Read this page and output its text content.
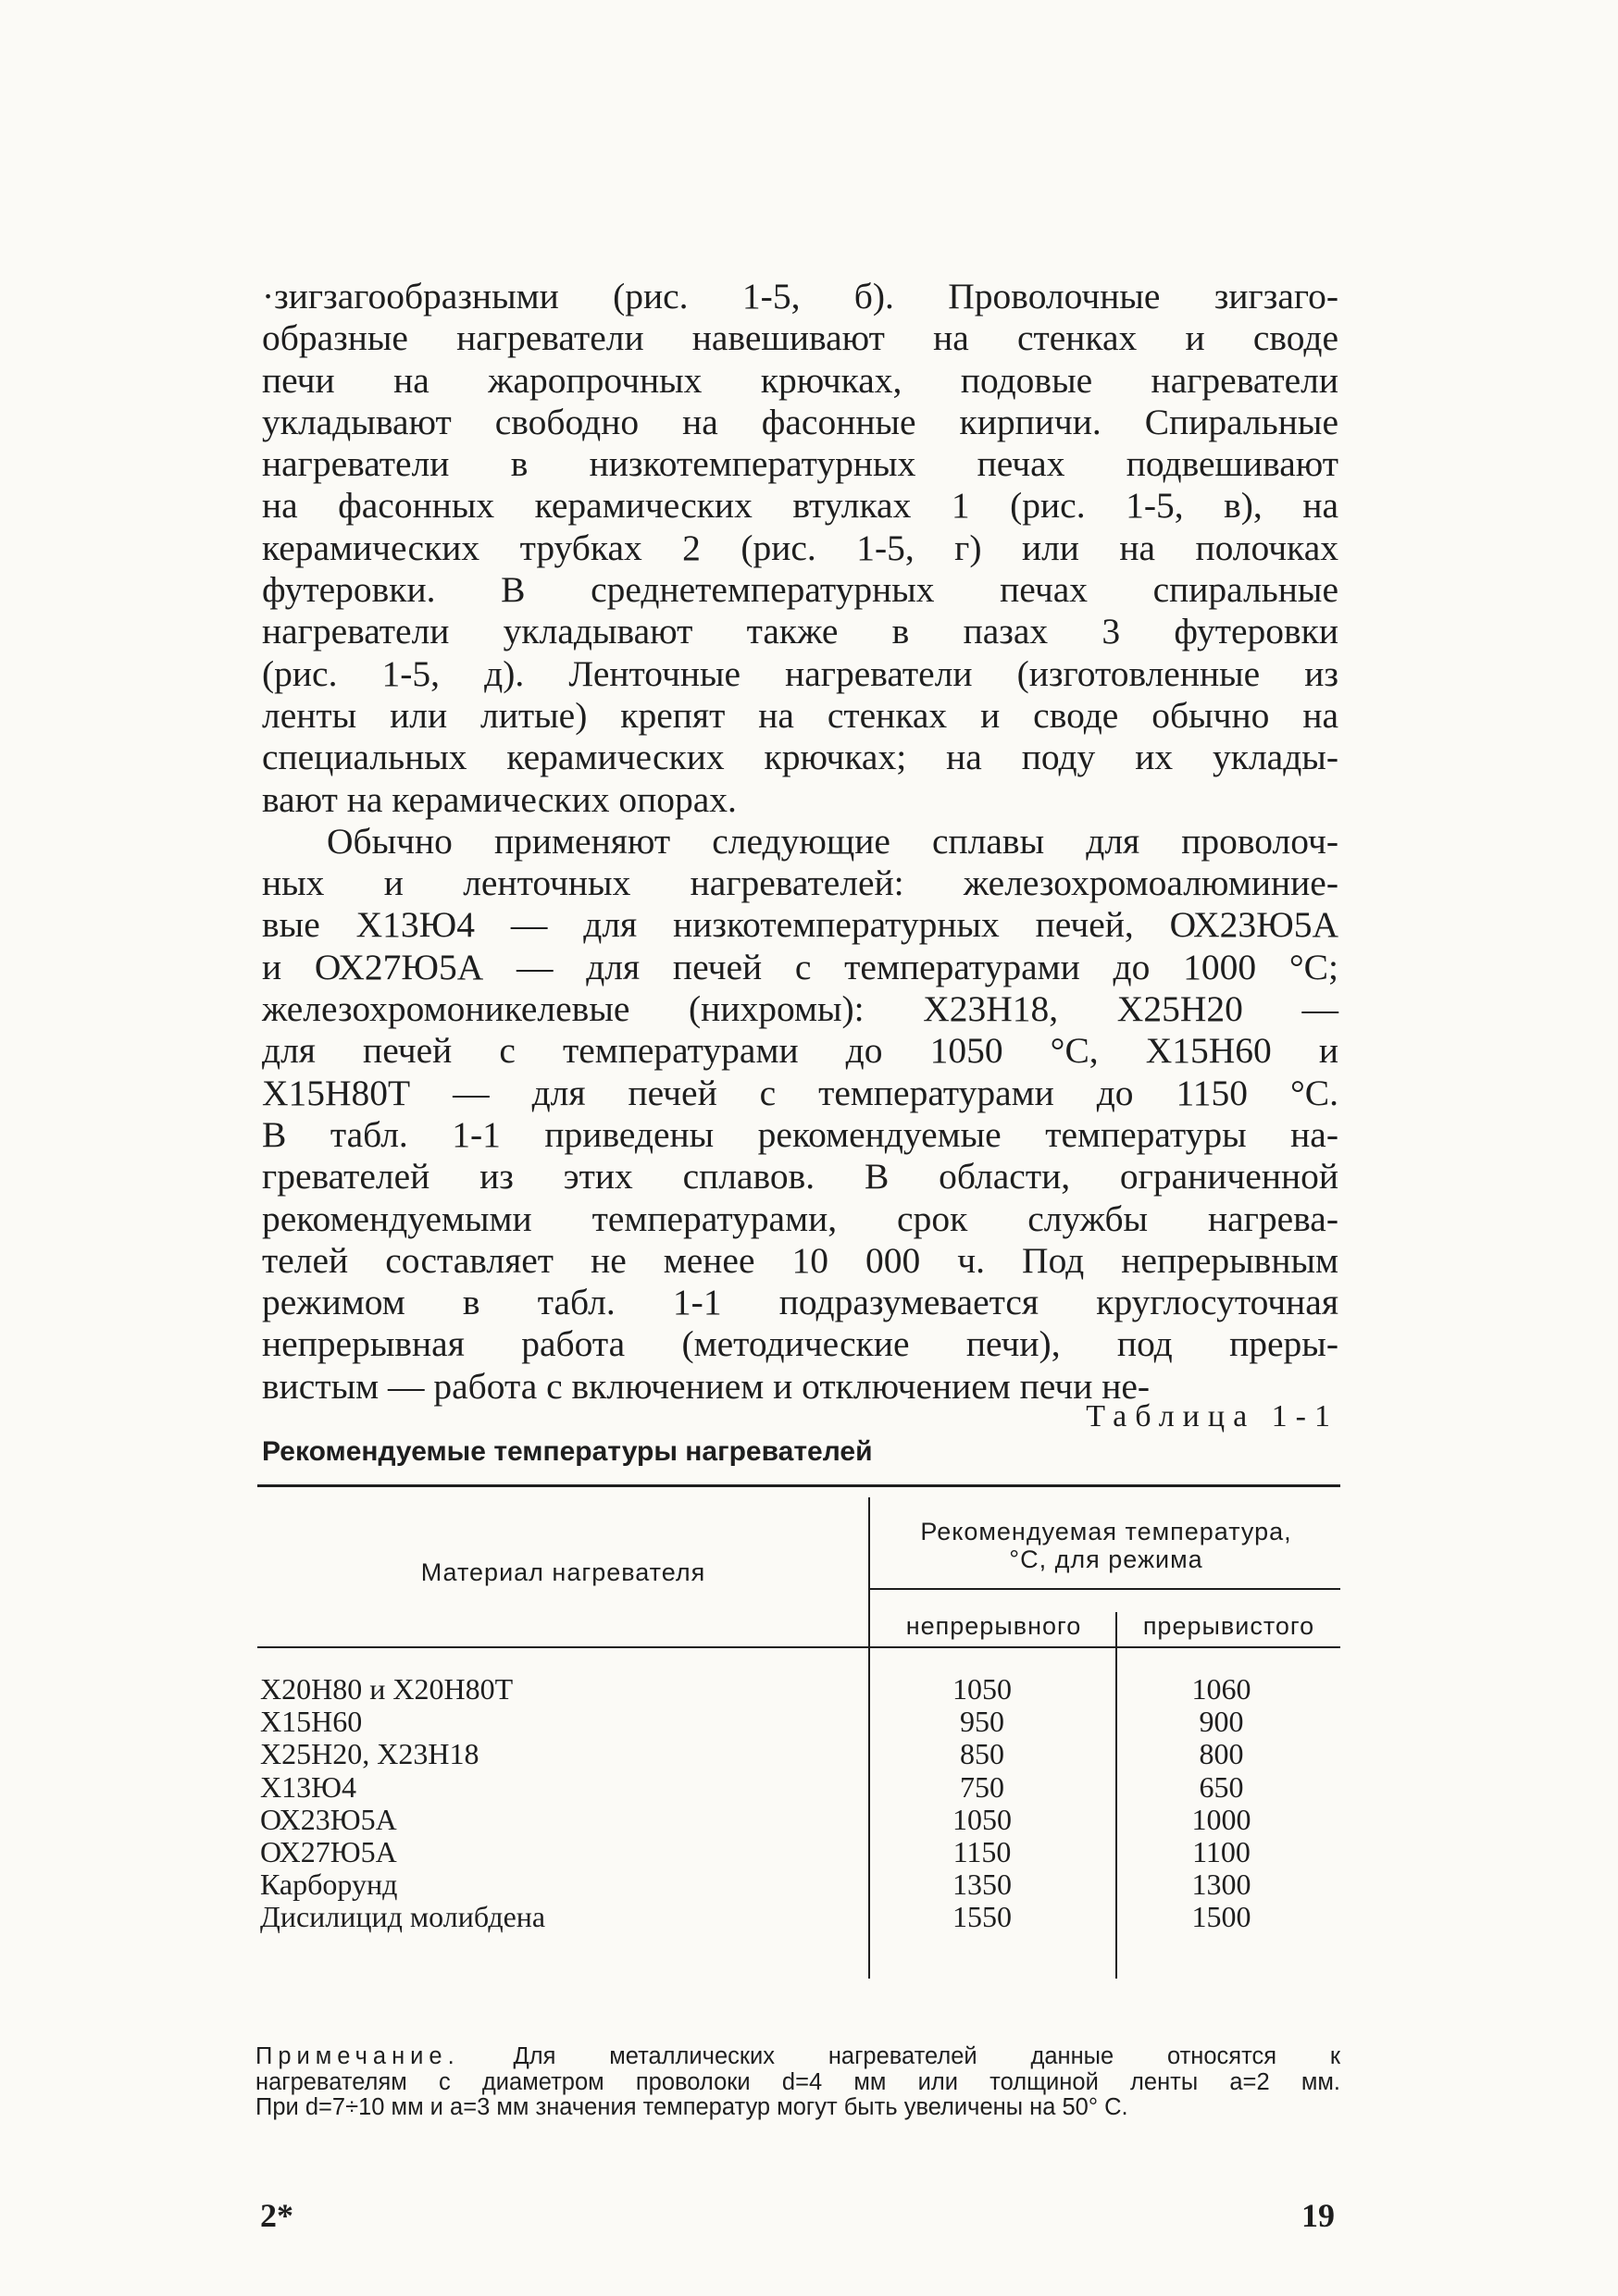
·зигзагообразными (рис. 1-5, б). Проволочные зигзаго-
образные нагреватели навешивают на стенках и своде
печи на жаропрочных крючках, подовые нагреватели
укладывают свободно на фасонные кирпичи. Спиральные
нагреватели в низкотемпературных печах подвешивают
на фасонных керамических втулках 1 (рис. 1-5, в), на
керамических трубках 2 (рис. 1-5, г) или на полочках
футеровки. В среднетемпературных печах спиральные
нагреватели укладывают также в пазах 3 футеровки
(рис. 1-5, д). Ленточные нагреватели (изготовленные из
ленты или литые) крепят на стенках и своде обычно на
специальных керамических крючках; на поду их уклады-
вают на керамических опорах.
Обычно применяют следующие сплавы для проволоч-
ных и ленточных нагревателей: железохромоалюминие-
вые Х13Ю4 — для низкотемпературных печей, ОХ23Ю5А
и ОХ27Ю5А — для печей с температурами до 1000 °С;
железохромоникелевые (нихромы): Х23Н18, Х25Н20 —
для печей с температурами до 1050 °С, Х15Н60 и
Х15Н80Т — для печей с температурами до 1150 °С.
В табл. 1-1 приведены рекомендуемые температуры на-
гревателей из этих сплавов. В области, ограниченной
рекомендуемыми температурами, срок службы нагрева-
телей составляет не менее 10 000 ч. Под непрерывным
режимом в табл. 1-1 подразумевается круглосуточная
непрерывная работа (методические печи), под преры-
вистым — работа с включением и отключением печи не-
Таблица 1-1
Рекомендуемые температуры нагревателей
Материал нагревателя
Рекомендуемая температура,
°С, для режима
непрерывного	прерывистого
Х20Н80 и Х20Н80Т
Х15Н60
Х25Н20, Х23Н18
Х13Ю4
ОХ23Ю5А
ОХ27Ю5А
Карборунд
Дисилицид молибдена
1050
950
850
750
1050
1150
1350
1550
1060
900
800
650
1000
1100
1300
1500
Примечание. Для металлических нагревателей данные относятся к
нагревателям с диаметром проволоки d=4 мм или толщиной ленты a=2 мм.
При d=7÷10 мм и a=3 мм значения температур могут быть увеличены на 50° С.
2*	19
